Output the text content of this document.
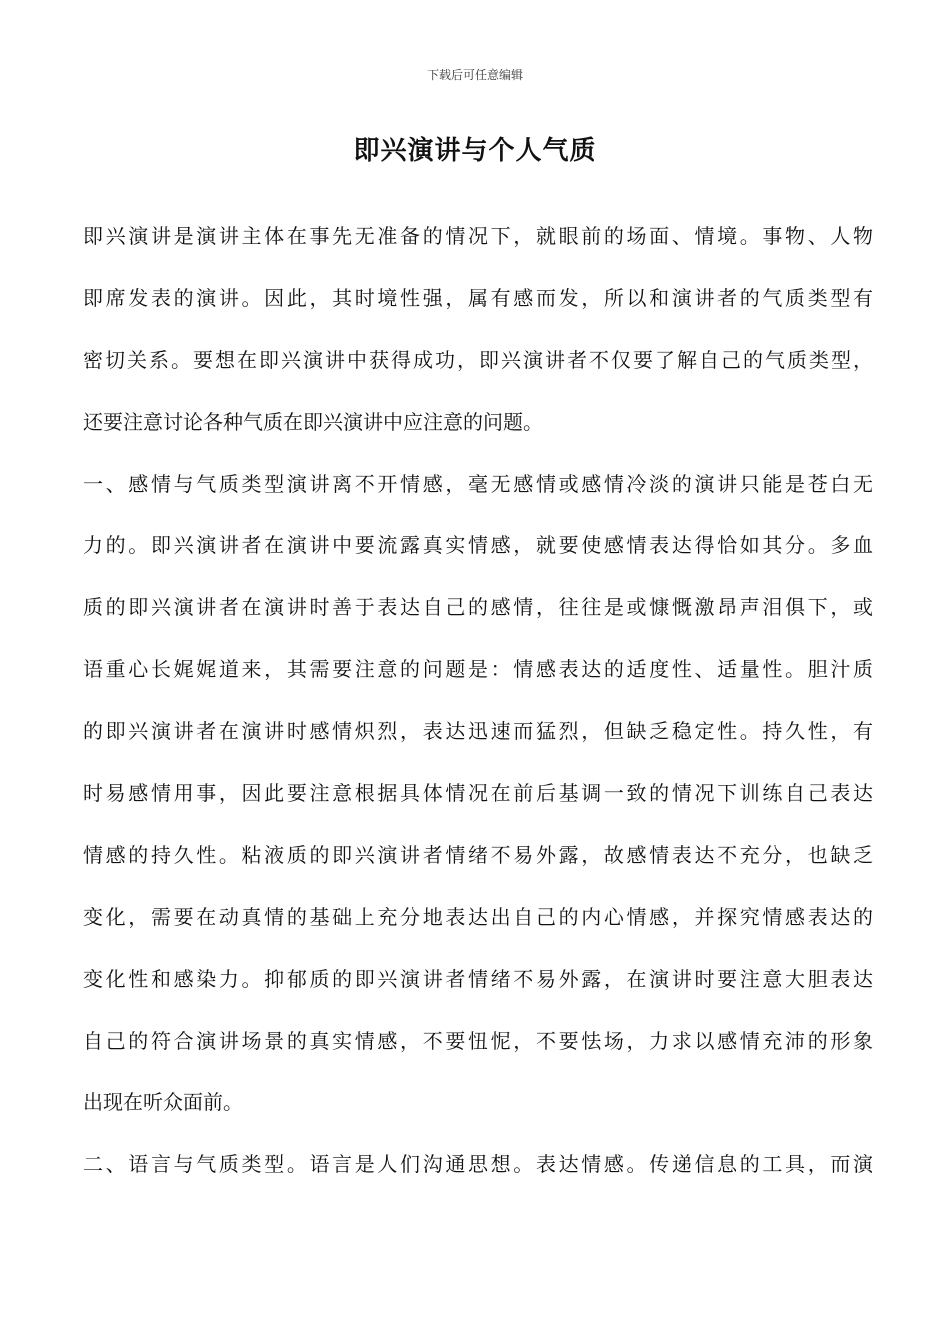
下载后可任意编辑
即兴演讲与个人气质
即兴演讲是演讲主体在事先无准备的情况下，就眼前的场面、情境。事物、人物
即席发表的演讲。因此，其时境性强，属有感而发，所以和演讲者的气质类型有
密切关系。要想在即兴演讲中获得成功，即兴演讲者不仅要了解自己的气质类型，
还要注意讨论各种气质在即兴演讲中应注意的问题。
一、感情与气质类型演讲离不开情感，毫无感情或感情冷淡的演讲只能是苍白无
力的。即兴演讲者在演讲中要流露真实情感，就要使感情表达得恰如其分。多血
质的即兴演讲者在演讲时善于表达自己的感情，往往是或慷慨激昂声泪俱下，或
语重心长娓娓道来，其需要注意的问题是：情感表达的适度性、适量性。胆汁质
的即兴演讲者在演讲时感情炽烈，表达迅速而猛烈，但缺乏稳定性。持久性，有
时易感情用事，因此要注意根据具体情况在前后基调一致的情况下训练自己表达
情感的持久性。粘液质的即兴演讲者情绪不易外露，故感情表达不充分，也缺乏
变化，需要在动真情的基础上充分地表达出自己的内心情感，并探究情感表达的
变化性和感染力。抑郁质的即兴演讲者情绪不易外露，在演讲时要注意大胆表达
自己的符合演讲场景的真实情感，不要忸怩，不要怯场，力求以感情充沛的形象
出现在听众面前。
二、语言与气质类型。语言是人们沟通思想。表达情感。传递信息的工具，而演
